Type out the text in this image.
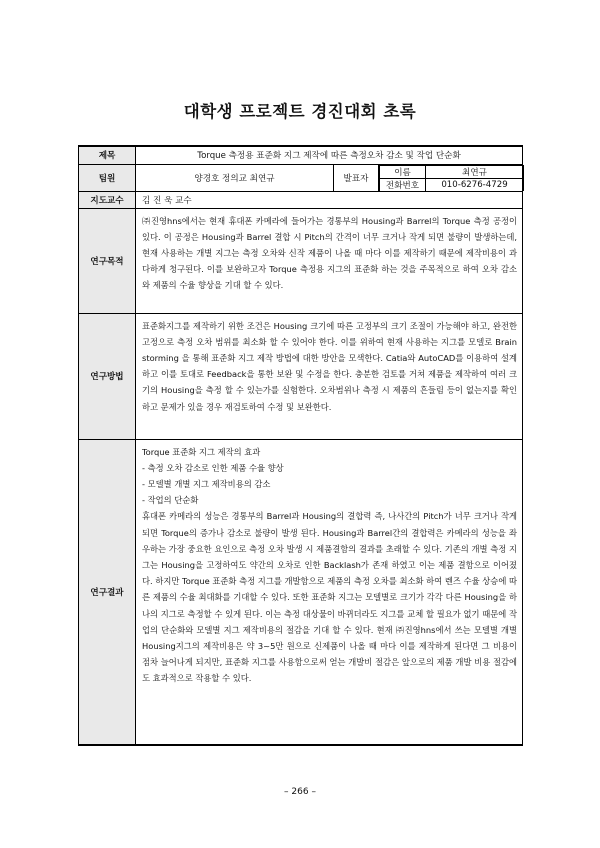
대학생 프로젝트 경진대회 초록
제목	Torque 측정용 표준화 지그 제작에 따른 측정오차 감소 및 작업 단순화
팀원	양경호 정의교 최연규	발표자	
이름	최연규
전화번호	010-6276-4729

지도교수	김 진 욱 교수
연구목적	

㈜진영hns에서는 현재 휴대폰 카메라에 들어가는 경통부의 Housing과 Barrel의 Torque 측정 공정이 있다. 이 공정은 Housing과 Barrel 결합 시 Pitch의 간격이 너무 크거나 작게 되면 불량이 발생하는데, 현재 사용하는 개별 지그는 측정 오차와 신작 제품이 나올 때 마다 이를 제작하기 때문에 제작비용이 과다하게 청구된다. 이를 보완하고자 Torque 측정용 지그의 표준화 하는 것을 주목적으로 하여 오차 감소와 제품의 수율 향상을 기대 할 수 있다.

연구방법	

표준화지그를 제작하기 위한 조건은 Housing 크기에 따른 고정부의 크기 조절이 가능해야 하고, 완전한 고정으로 측정 오차 범위를 최소화 할 수 있어야 한다. 이를 위하여 현재 사용하는 지그를 모델로 Brain storming 을 통해 표준화 지그 제작 방법에 대한 방안을 모색한다. Catia와 AutoCAD를 이용하여 설계 하고 이를 토대로 Feedback을 통한 보완 및 수정을 한다. 충분한 검토를 거쳐 제품을 제작하여 여러 크기의 Housing을 측정 할 수 있는가를 실험한다. 오차범위나 측정 시 제품의 흔들림 등이 없는지를 확인하고 문제가 있을 경우 재검토하여 수정 및 보완한다.

연구결과	

Torque 표준화 지그 제작의 효과

- 측정 오차 감소로 인한 제품 수율 향상

- 모델별 개별 지그 제작비용의 감소

- 작업의 단순화

휴대폰 카메라의 성능은 경통부의 Barrel과 Housing의 결합력 즉, 나사간의 Pitch가 너무 크거나 작게 되면 Torque의 증가나 감소로 불량이 발생 된다. Housing과 Barrel간의 결합력은 카메라의 성능을 좌우하는 가장 중요한 요인으로 측정 오차 발생 시 제품결함의 결과를 초래할 수 있다. 기존의 개별 측정 지그는 Housing을 고정하여도 약간의 오차로 인한 Backlash가 존재 하였고 이는 제품 결함으로 이어졌다. 하지만 Torque 표준화 측정 지그를 개발함으로 제품의 측정 오차를 최소화 하여 렌즈 수율 상승에 따른 제품의 수율 최대화를 기대할 수 있다. 또한 표준화 지그는 모델별로 크기가 각각 다른 Housing을 하나의 지그로 측정할 수 있게 된다. 이는 측정 대상물이 바뀌더라도 지그를 교체 할 필요가 없기 때문에 작업의 단순화와 모델별 지그 제작비용의 절감을 기대 할 수 있다. 현재 ㈜진영hns에서 쓰는 모델별 개별 Housing지그의 제작비용은 약 3~5만 원으로 신제품이 나올 때 마다 이를 제작하게 된다면 그 비용이 점차 늘어나게 되지만, 표준화 지그를 사용함으로써 얻는 개발비 절감은 앞으로의 제품 개발 비용 절감에도 효과적으로 작용할 수 있다.

– 266 –
